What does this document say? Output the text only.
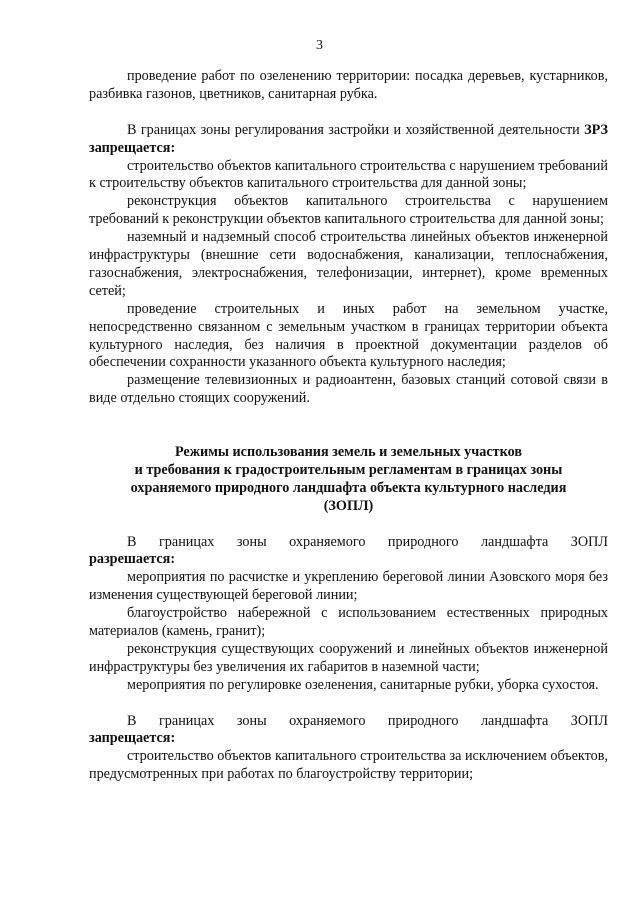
3

проведение работ по озеленению территории: посадка деревьев, кустарников, разбивка газонов, цветников, санитарная рубка.

В границах зоны регулирования застройки и хозяйственной деятельности ЗРЗ запрещается:

строительство объектов капитального строительства с нарушением требований к строительству объектов капитального строительства для данной зоны;

реконструкция объектов капитального строительства с нарушением требований к реконструкции объектов капитального строительства для данной зоны;

наземный и надземный способ строительства линейных объектов инженерной инфраструктуры (внешние сети водоснабжения, канализации, теплоснабжения, газоснабжения, электроснабжения, телефонизации, интернет), кроме временных сетей;

проведение строительных и иных работ на земельном участке, непосредственно связанном с земельным участком в границах территории объекта культурного наследия, без наличия в проектной документации разделов об обеспечении сохранности указанного объекта культурного наследия;

размещение телевизионных и радиоантенн, базовых станций сотовой связи в виде отдельно стоящих сооружений.

Режимы использования земель и земельных участков

и требования к градостроительным регламентам в границах зоны

охраняемого природного ландшафта объекта культурного наследия

(ЗОПЛ)

В границах зоны охраняемого природного ландшафта ЗОПЛ

разрешается:

мероприятия по расчистке и укреплению береговой линии Азовского моря без изменения существующей береговой линии;

благоустройство набережной с использованием естественных природных материалов (камень, гранит);

реконструкция существующих сооружений и линейных объектов инженерной инфраструктуры без увеличения их габаритов в наземной части;

мероприятия по регулировке озеленения, санитарные рубки, уборка сухостоя.

В границах зоны охраняемого природного ландшафта ЗОПЛ

запрещается:

строительство объектов капитального строительства за исключением объектов, предусмотренных при работах по благоустройству территории;
